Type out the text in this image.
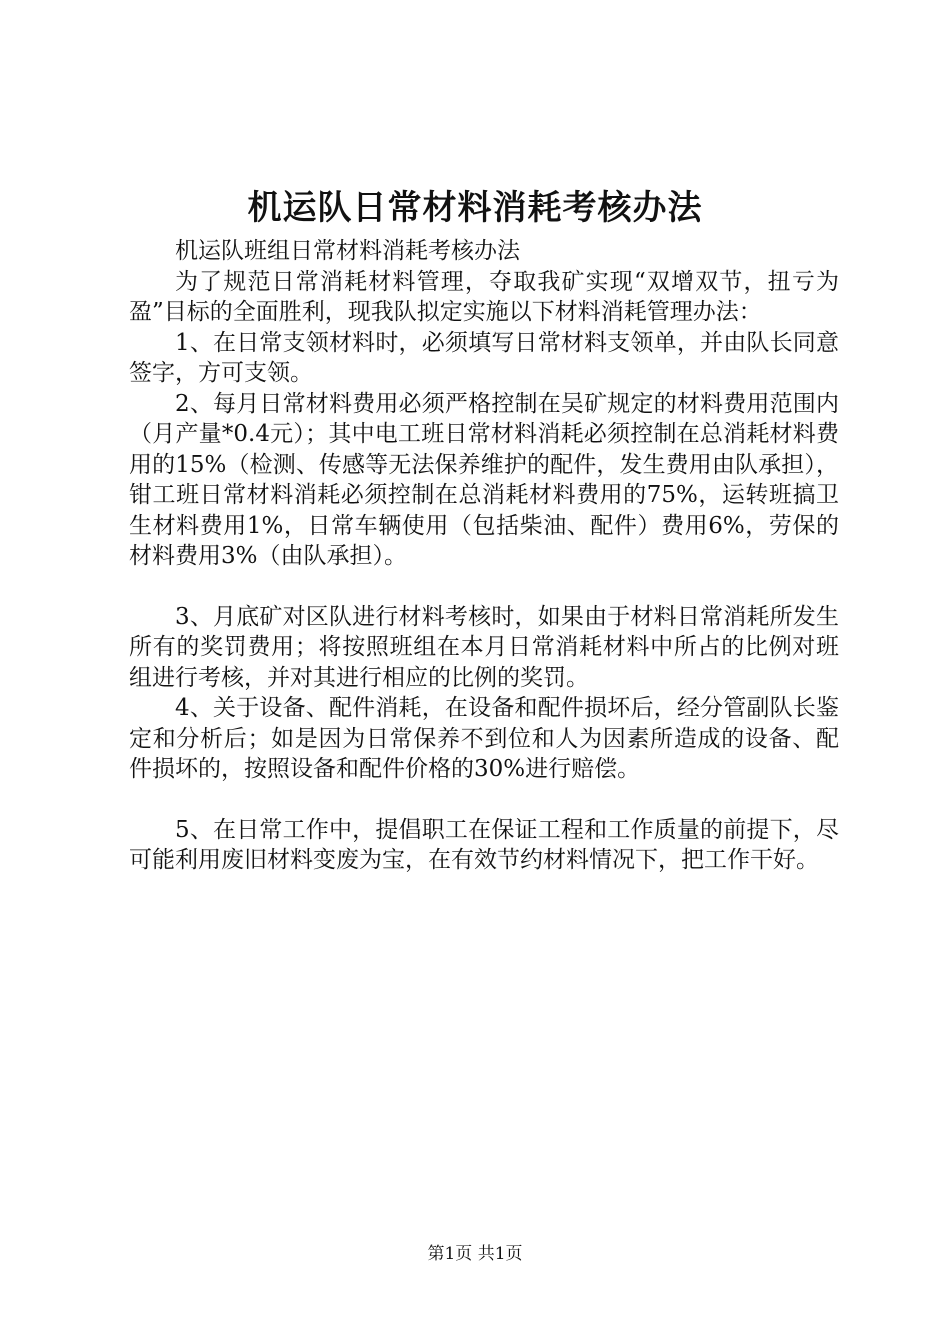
机运队日常材料消耗考核办法

机运队班组日常材料消耗考核办法

为了规范日常消耗材料管理，夺取我矿实现“双增双节，扭亏为盈”目标的全面胜利，现我队拟定实施以下材料消耗管理办法：

1、在日常支领材料时，必须填写日常材料支领单，并由队长同意签字，方可支领。

2、每月日常材料费用必须严格控制在吴矿规定的材料费用范围内（月产量*0.4元）；其中电工班日常材料消耗必须控制在总消耗材料费用的15%（检测、传感等无法保养维护的配件，发生费用由队承担），钳工班日常材料消耗必须控制在总消耗材料费用的75%，运转班搞卫生材料费用1%，日常车辆使用（包括柴油、配件）费用6%，劳保的材料费用3%（由队承担）。

3、月底矿对区队进行材料考核时，如果由于材料日常消耗所发生所有的奖罚费用；将按照班组在本月日常消耗材料中所占的比例对班组进行考核，并对其进行相应的比例的奖罚。

4、关于设备、配件消耗，在设备和配件损坏后，经分管副队长鉴定和分析后；如是因为日常保养不到位和人为因素所造成的设备、配件损坏的，按照设备和配件价格的30%进行赔偿。

5、在日常工作中，提倡职工在保证工程和工作质量的前提下，尽可能利用废旧材料变废为宝，在有效节约材料情况下，把工作干好。

第1页 共1页
